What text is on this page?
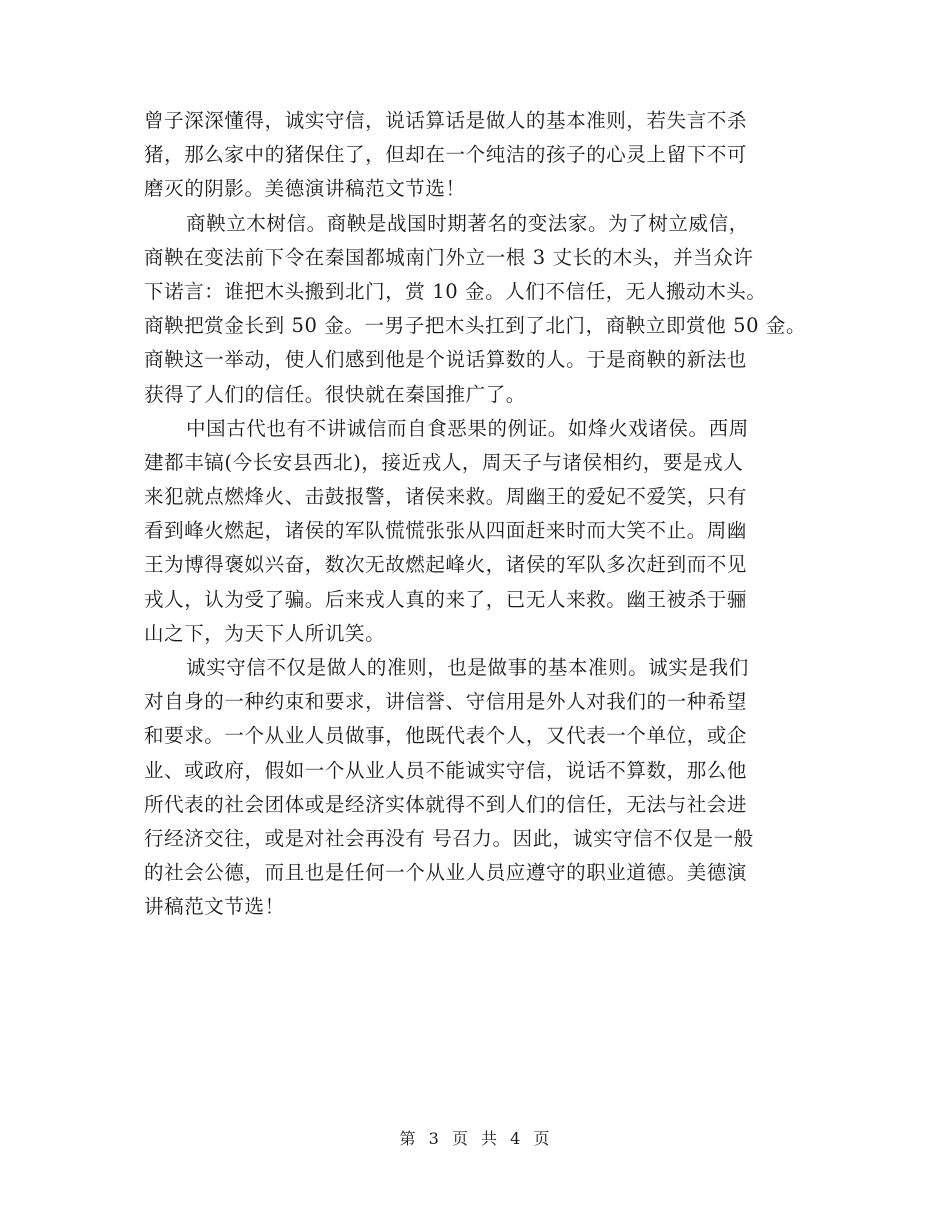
曾子深深懂得，诚实守信，说话算话是做人的基本准则，若失言不杀
猪，那么家中的猪保住了，但却在一个纯洁的孩子的心灵上留下不可
磨灭的阴影。美德演讲稿范文节选！
商鞅立木树信。商鞅是战国时期著名的变法家。为了树立威信，
商鞅在变法前下令在秦国都城南门外立一根 3 丈长的木头，并当众许
下诺言：谁把木头搬到北门，赏 10 金。人们不信任，无人搬动木头。
商鞅把赏金长到 50 金。一男子把木头扛到了北门，商鞅立即赏他 50 金。
商鞅这一举动，使人们感到他是个说话算数的人。于是商鞅的新法也
获得了人们的信任。很快就在秦国推广了。
中国古代也有不讲诚信而自食恶果的例证。如烽火戏诸侯。西周
建都丰镐(今长安县西北)，接近戎人，周天子与诸侯相约，要是戎人
来犯就点燃烽火、击鼓报警，诸侯来救。周幽王的爱妃不爱笑，只有
看到峰火燃起，诸侯的军队慌慌张张从四面赶来时而大笑不止。周幽
王为博得褒姒兴奋，数次无故燃起峰火，诸侯的军队多次赶到而不见
戎人，认为受了骗。后来戎人真的来了，已无人来救。幽王被杀于骊
山之下，为天下人所讥笑。
诚实守信不仅是做人的准则，也是做事的基本准则。诚实是我们
对自身的一种约束和要求，讲信誉、守信用是外人对我们的一种希望
和要求。一个从业人员做事，他既代表个人，又代表一个单位，或企
业、或政府，假如一个从业人员不能诚实守信，说话不算数，那么他
所代表的社会团体或是经济实体就得不到人们的信任，无法与社会进
行经济交往，或是对社会再没有 号召力。因此，诚实守信不仅是一般
的社会公德，而且也是任何一个从业人员应遵守的职业道德。美德演
讲稿范文节选！
第 3 页 共 4 页
